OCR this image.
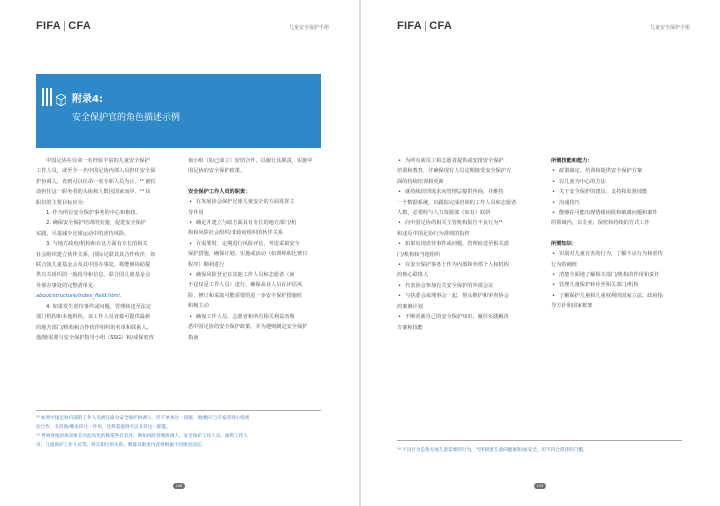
FIFA | CFA	儿童安全保护手册
附录4:
安全保护官的角色描述示例

中国足协在任命一名经验丰富的儿童安全保护

工作人员，或至少一名中国足协内部人员担任安全保

护协调人，直到可以任命一名专职人员为止。¹² 被任

命担任这一职务者的头衔和人数因国家而异。¹³ 该

职位的主要目标应为：

1. 作为所有安全保护事务的中心和枢纽。

2. 确保安全保护培训的实施，促进安全保护

实践，尽量减少足球运动中的虐待风险。

3. 与地方政府/机构和在这方面有专长的相关

社会组织建立伙伴关系，国际足联其其合作伙伴，如

联合国儿童基金会及其中国办事处，将能够协助提

供有关组织的一般指导和信息。联合国儿童基金会

外部办事处的完整清单见：

about/structure/index_field.html.

4. 如果发生虐待事件或问题，管理转送至法定

部门机构和本地组织，该工作人员直接可提供最新

的地方部门/机构和合作伙伴组织的名单和联系人。

他/她需要与安全保护指导小组（SSG）和/或保密咨

询小组（如已成立）密切合作，以履行其职责，实施中

国足协的安全保护政策。

安全保护工作人员的职责：

• 在发展协会保护足球儿童安全的方面发挥主

导作用

• 确定并建立与政方面具有专长的地方部门/机

构和风险社会组织/非政府组织的伙伴关系

• 在需要时，定期进行风险评估，考虑采取安全

保护措施，确保计划、实施或活动（如训练和比赛日

程序）顺利进行

• 确保风险登记在其他工作人员和志愿者（而

不仅仅是工作人员）进行，确保从业人员在评估风

险、修订和采取可能需要的进一步安全保护措施时

积极主动

• 确保工作人员、志愿者和所有相关利益者熟

悉中国足协的安全保护政策，并为遵则制定安全保护

指南

¹² 如果中国足协内部的工作人员被任命为安全保护协调人，但不单承这一问题，他/她应与专家咨询小组密
切合作，支持他/她发挥这一作用，还将需提供可以支持这一职能。
¹³ 世界各地的体育协会对此角色的称谓各有差异，例如风险管理协调人、安全保护工作人员、福利工作人
员、儿童保护工作人员等。特定职位的头衔、数量及职责内容将根据不同情况而定。
108
FIFA | CFA	儿童安全保护手册

• 为所有新员工和志愿者提供或安排安全保护

培训和教育，并确保现有人员定期接受安全保护方

面的持续培训和更新

• 就持续培训需求向管理层提供咨询，并维持

一个数据系统，以跟踪完成培训的工作人员和志愿者

人数，必要时与人力资源部（如有）联络

• 向中国足协的相关主管机构报告不良行为¹⁴

和违反中国足协行为准则的指控

• 如果出现虐待事件或问题，管理转送至相关部

门/机构和当地组织

• 在安全保护事务上作为内部和外部个人和机构

的核心联络人

• 代表协会参加有关安全保护的外部会议

• 与执委会或理事会一起，帮头维护和审查协会

的案例计划

• 不断更新自己的安全保护知识，履任实践解决

方案和技能

所需技能和能力：

• 政策制定、培训和提供安全保护方案

• 以儿童为中心的方法

• 关于安全保护的建议、支持和监督技能

• 沟通技巧

• 能够在可能出现情绪困扰和敏感问题和案件

的领域内，以专业、保密和持续的方式工作

所需知识：

• 识别对儿童有害的行为，了解不良行为和虐待

行为的阈值

• 清楚全面地了解相关部门/机构的作用和责任

• 管理儿童保护转诊至相关部门/机构

• 了解保护儿童和儿童权利的国家立法、政府指

导方针和国家框架

¹⁴ 不良行为是指无视儿童需要的行为，当所损害儿童的健康和/或安全，但不符合虐待的门槛。
109
